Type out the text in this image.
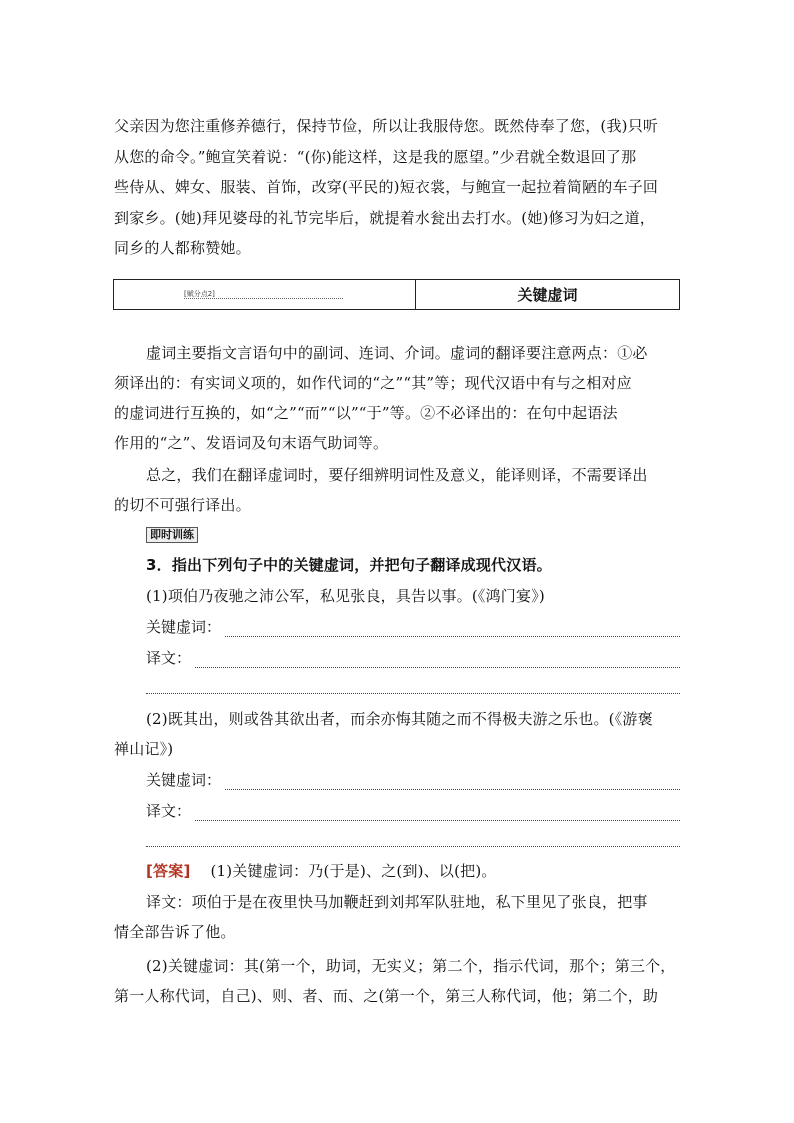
[赋分点2]	关键虚词
虚词主要指文言语句中的副词、连词、介词。虚词的翻译要注意两点：①必
须译出的：有实词义项的，如作代词的“之”“其”等；现代汉语中有与之相对应
的虚词进行互换的，如“之”“而”“以”“于”等。②不必译出的：在句中起语法
作用的“之”、发语词及句末语气助词等。
总之，我们在翻译虚词时，要仔细辨明词性及意义，能译则译，不需要译出
的切不可强行译出。
即时训练
3．指出下列句子中的关键虚词，并把句子翻译成现代汉语。
(1)项伯乃夜驰之沛公军，私见张良，具告以事。(《鸿门宴》)
关键虚词：
译文：
(2)既其出，则或咎其欲出者，而余亦悔其随之而不得极夫游之乐也。(《游褒
禅山记》)
关键虚词：
译文：
[答案] (1)关键虚词：乃(于是)、之(到)、以(把)。
译文：项伯于是在夜里快马加鞭赶到刘邦军队驻地，私下里见了张良，把事
情全部告诉了他。
(2)关键虚词：其(第一个，助词，无实义；第二个，指示代词，那个；第三个，
第一人称代词，自己)、则、者、而、之(第一个，第三人称代词，他；第二个，助
父亲因为您注重修养德行，保持节俭，所以让我服侍您。既然侍奉了您，(我)只听
从您的命令。”鲍宣笑着说：“(你)能这样，这是我的愿望。”少君就全数退回了那
些侍从、婢女、服装、首饰，改穿(平民的)短衣裳，与鲍宣一起拉着简陋的车子回
到家乡。(她)拜见婆母的礼节完毕后，就提着水瓮出去打水。(她)修习为妇之道，
同乡的人都称赞她。
